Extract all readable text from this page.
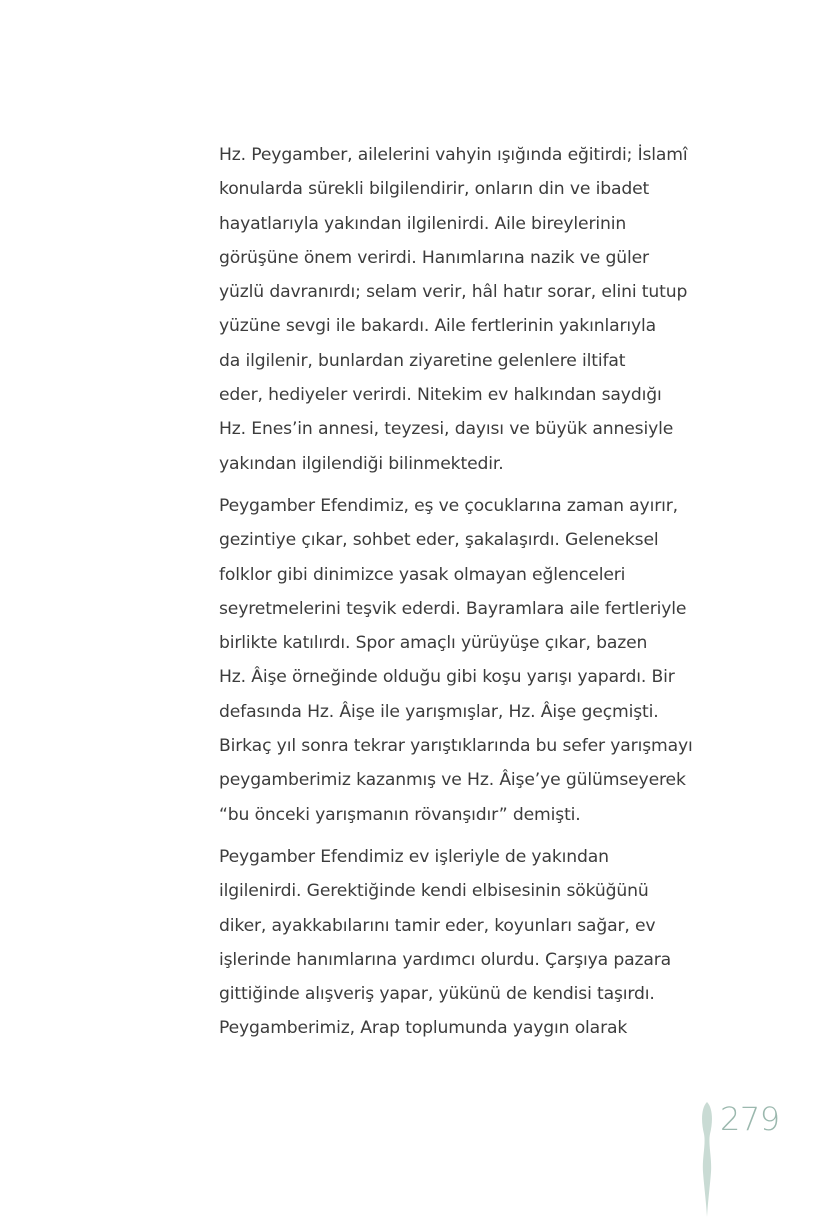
Hz. Peygamber, ailelerini vahyin ışığında eğitirdi; İslamî
konularda sürekli bilgilendirir, onların din ve ibadet
hayatlarıyla yakından ilgilenirdi. Aile bireylerinin
görüşüne önem verirdi. Hanımlarına nazik ve güler
yüzlü davranırdı; selam verir, hâl hatır sorar, elini tutup
yüzüne sevgi ile bakardı. Aile fertlerinin yakınlarıyla
da ilgilenir, bunlardan ziyaretine gelenlere iltifat
eder, hediyeler verirdi. Nitekim ev halkından saydığı
Hz. Enes’in annesi, teyzesi, dayısı ve büyük annesiyle
yakından ilgilendiği bilinmektedir.

Peygamber Efendimiz, eş ve çocuklarına zaman ayırır,
gezintiye çıkar, sohbet eder, şakalaşırdı. Geleneksel
folklor gibi dinimizce yasak olmayan eğlenceleri
seyretmelerini teşvik ederdi. Bayramlara aile fertleriyle
birlikte katılırdı. Spor amaçlı yürüyüşe çıkar, bazen
Hz. Âişe örneğinde olduğu gibi koşu yarışı yapardı. Bir
defasında Hz. Âişe ile yarışmışlar, Hz. Âişe geçmişti.
Birkaç yıl sonra tekrar yarıştıklarında bu sefer yarışmayı
peygamberimiz kazanmış ve Hz. Âişe’ye gülümseyerek
“bu önceki yarışmanın rövanşıdır” demişti.

Peygamber Efendimiz ev işleriyle de yakından
ilgilenirdi. Gerektiğinde kendi elbisesinin söküğünü
diker, ayakkabılarını tamir eder, koyunları sağar, ev
işlerinde hanımlarına yardımcı olurdu. Çarşıya pazara
gittiğinde alışveriş yapar, yükünü de kendisi taşırdı.
Peygamberimiz, Arap toplumunda yaygın olarak

279
